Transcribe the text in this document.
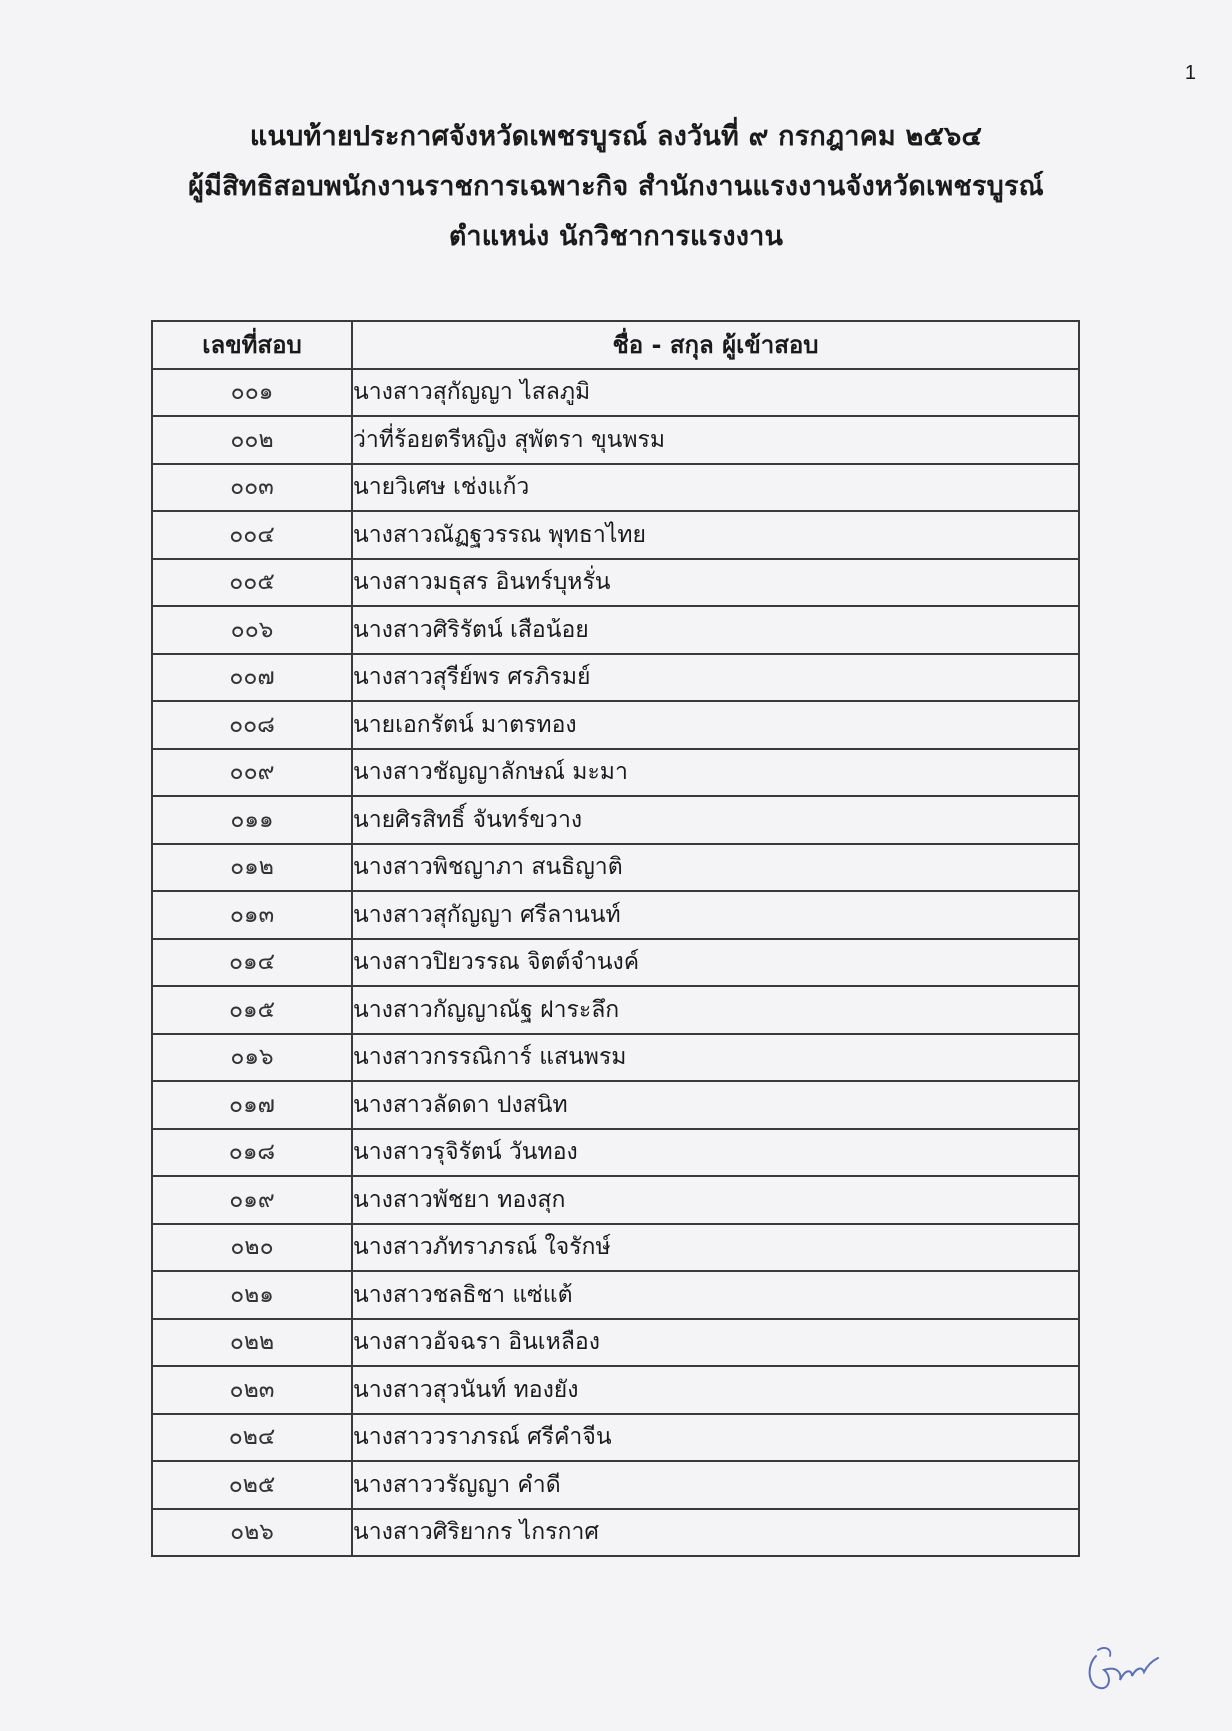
1
แนบท้ายประกาศจังหวัดเพชรบูรณ์ ลงวันที่ ๙ กรกฎาคม ๒๕๖๔
ผู้มีสิทธิสอบพนักงานราชการเฉพาะกิจ สำนักงานแรงงานจังหวัดเพชรบูรณ์
ตำแหน่ง นักวิชาการแรงงาน
เลขที่สอบ	ชื่อ - สกุล ผู้เข้าสอบ
๐๐๑	นางสาวสุกัญญา ไสลภูมิ
๐๐๒	ว่าที่ร้อยตรีหญิง สุพัตรา ขุนพรม
๐๐๓	นายวิเศษ เช่งแก้ว
๐๐๔	นางสาวณัฏฐวรรณ พุทธาไทย
๐๐๕	นางสาวมธุสร อินทร์บุหรั่น
๐๐๖	นางสาวศิริรัตน์ เสือน้อย
๐๐๗	นางสาวสุรีย์พร ศรภิรมย์
๐๐๘	นายเอกรัตน์ มาตรทอง
๐๐๙	นางสาวชัญญาลักษณ์ มะมา
๐๑๑	นายศิรสิทธิ์ จันทร์ขวาง
๐๑๒	นางสาวพิชญาภา สนธิญาติ
๐๑๓	นางสาวสุกัญญา ศรีลานนท์
๐๑๔	นางสาวปิยวรรณ จิตต์จำนงค์
๐๑๕	นางสาวกัญญาณัฐ ฝาระลึก
๐๑๖	นางสาวกรรณิการ์ แสนพรม
๐๑๗	นางสาวลัดดา ปงสนิท
๐๑๘	นางสาวรุจิรัตน์ วันทอง
๐๑๙	นางสาวพัชยา ทองสุก
๐๒๐	นางสาวภัทราภรณ์ ใจรักษ์
๐๒๑	นางสาวชลธิชา แซ่แต้
๐๒๒	นางสาวอัจฉรา อินเหลือง
๐๒๓	นางสาวสุวนันท์ ทองยัง
๐๒๔	นางสาววราภรณ์ ศรีคำจีน
๐๒๕	นางสาววรัญญา คำดี
๐๒๖	นางสาวศิริยากร ไกรกาศ
